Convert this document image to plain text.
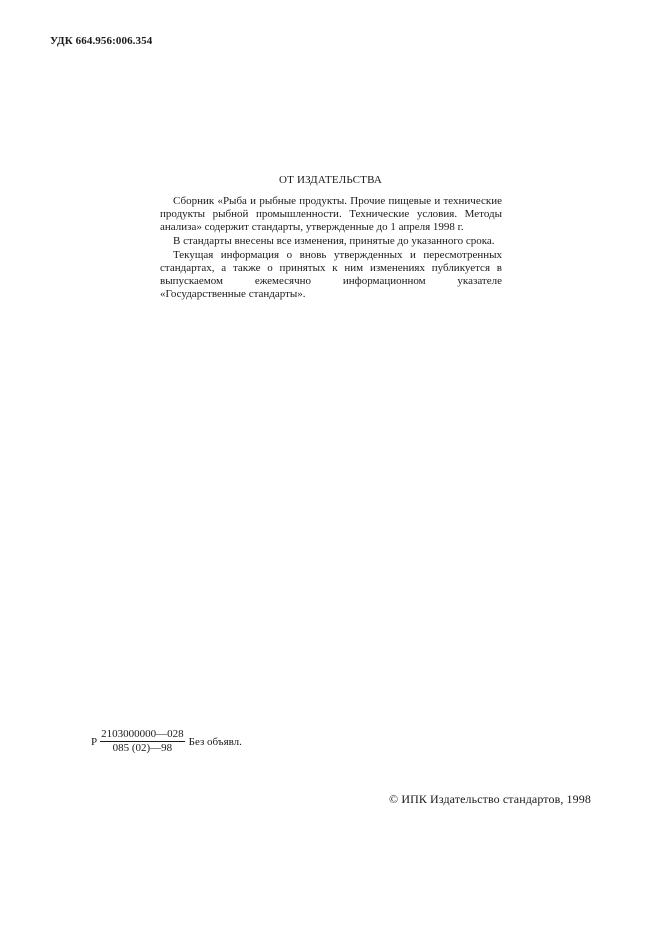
УДК 664.956:006.354
ОТ ИЗДАТЕЛЬСТВА

Сборник «Рыба и рыбные продукты. Прочие пищевые и технические продукты рыбной промышленности. Технические условия. Методы анализа» содержит стандарты, утвержденные до 1 апреля 1998 г.

В стандарты внесены все изменения, принятые до указанного срока.

Текущая информация о вновь утвержденных и пересмотренных стандартах, а также о принятых к ним изменениях публикуется в выпускаемом ежемесячно информационном указателе «Государственные стандарты».

Р $\frac{2103000000—028}{085 (02)—98}$ Без объявл.
© ИПК Издательство стандартов, 1998
